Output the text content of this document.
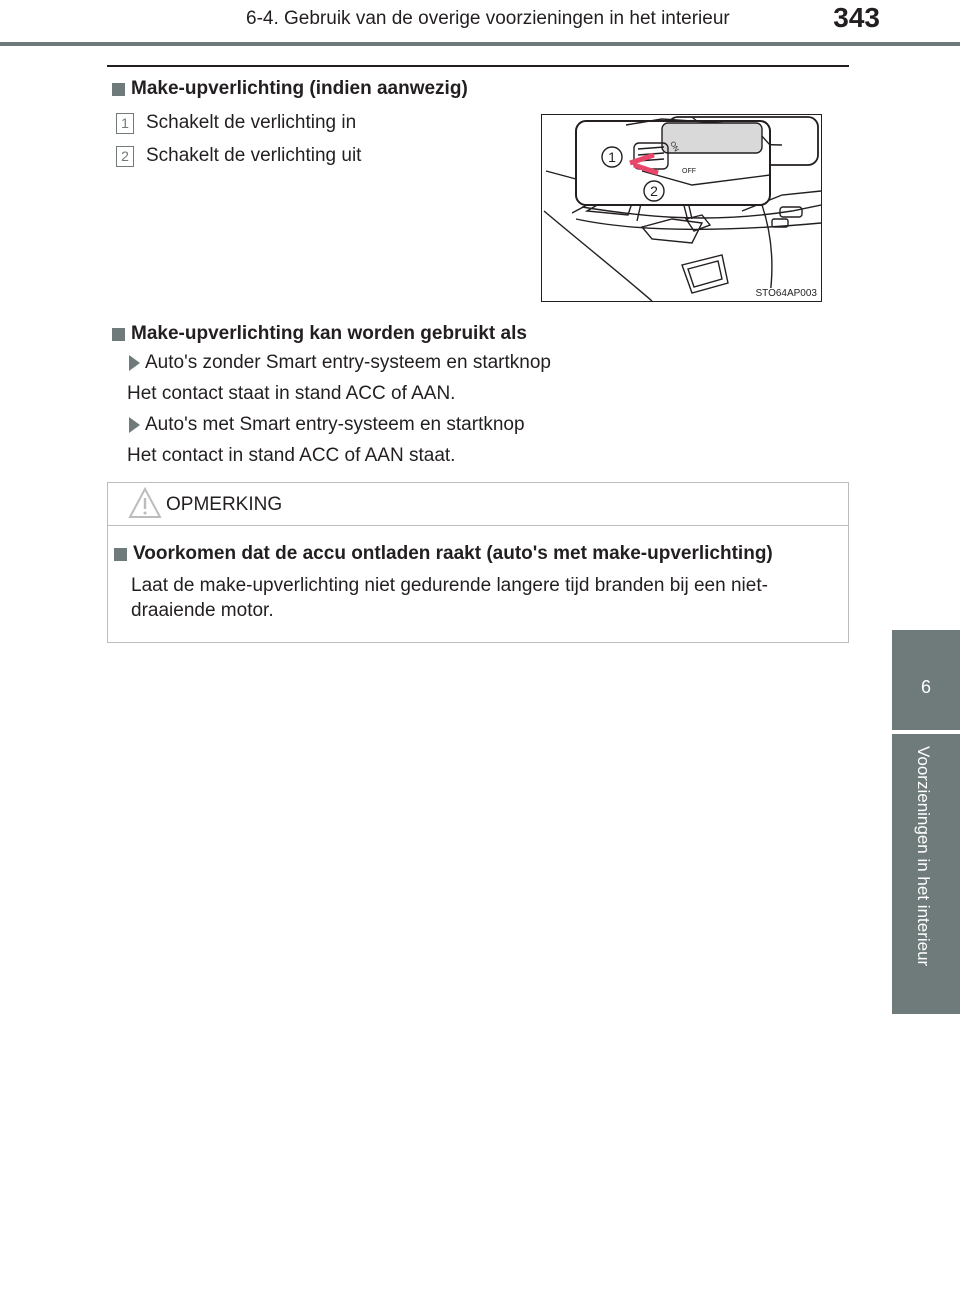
6-4. Gebruik van de overige voorzieningen in het interieur	343
6
Voorzieningen in het interieur
Make-upverlichting (indien aanwezig)
1 Schakelt de verlichting in
2 Schakelt de verlichting uit	ON
OFF
1
2
STO64AP003
Make-upverlichting kan worden gebruikt als
Auto's zonder Smart entry-systeem en startknop
Het contact staat in stand ACC of AAN.
Auto's met Smart entry-systeem en startknop
Het contact in stand ACC of AAN staat.
OPMERKING
Voorkomen dat de accu ontladen raakt (auto's met make-upverlichting)
Laat de make-upverlichting niet gedurende langere tijd branden bij een niet-draaiende motor.
